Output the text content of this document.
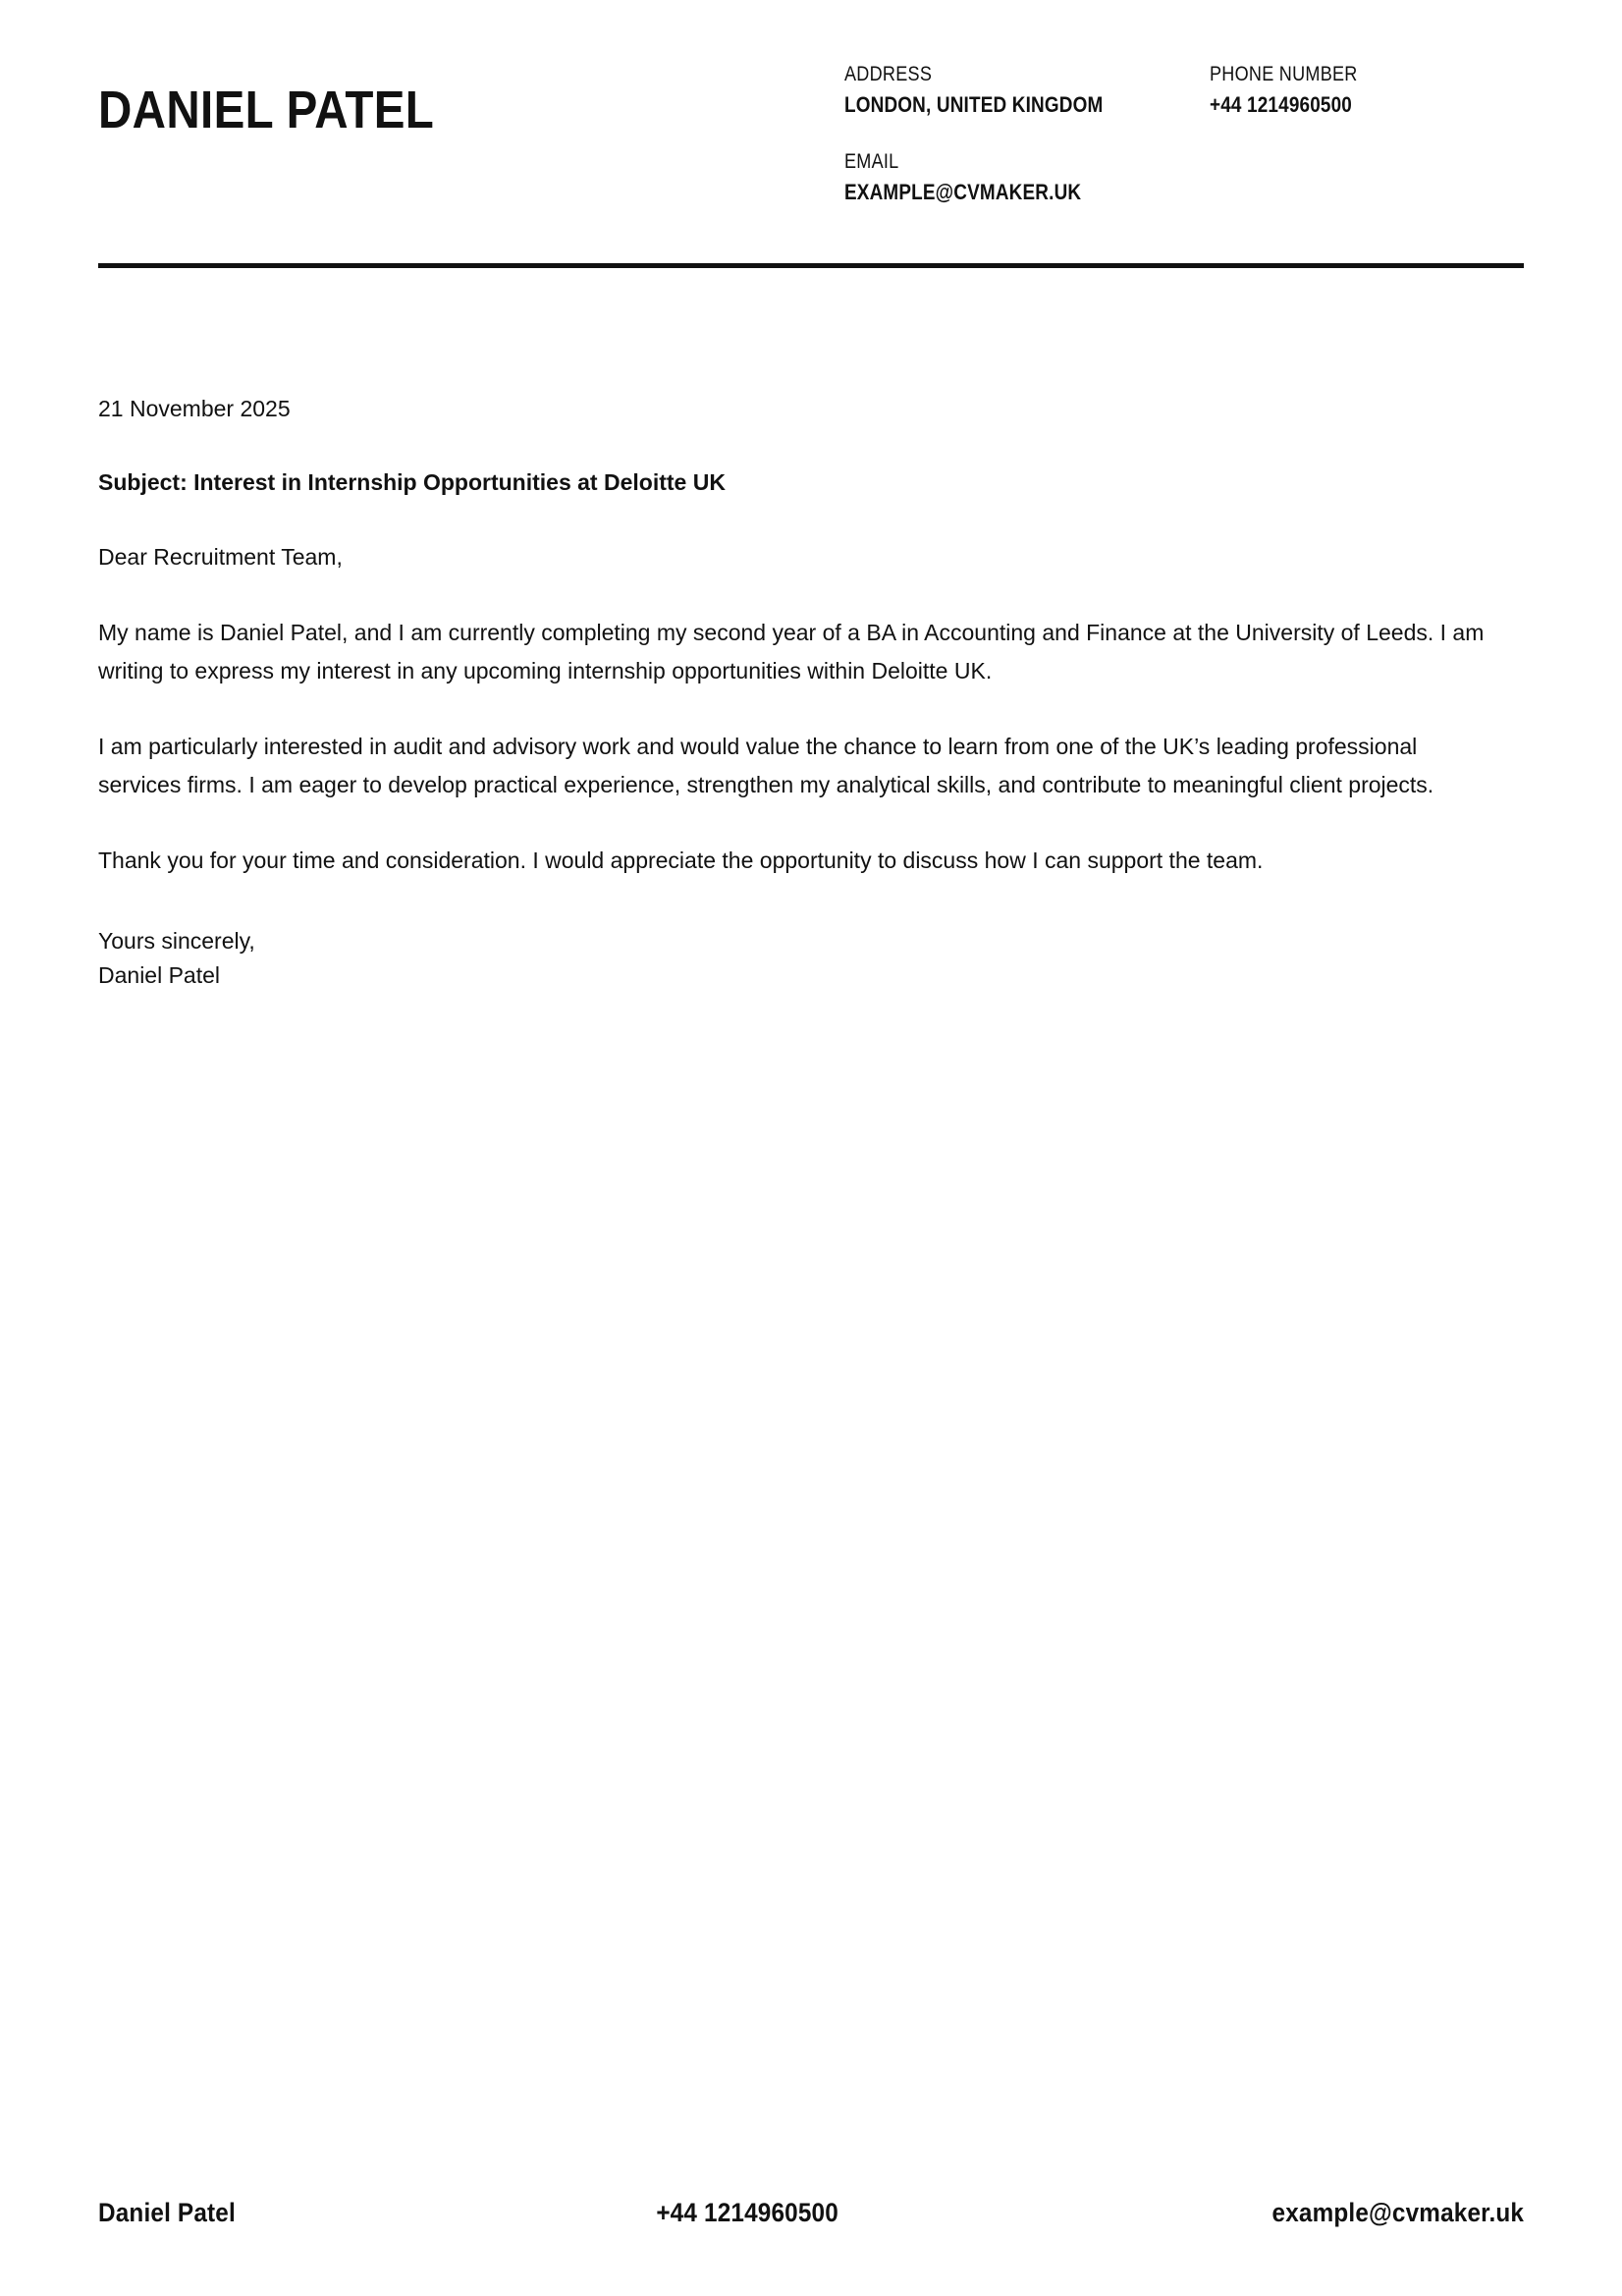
DANIEL PATEL
ADDRESS
LONDON, UNITED KINGDOM
PHONE NUMBER
+44 1214960500
EMAIL
EXAMPLE@CVMAKER.UK
21 November 2025
Subject: Interest in Internship Opportunities at Deloitte UK
Dear Recruitment Team,

My name is Daniel Patel, and I am currently completing my second year of a BA in Accounting and Finance at the University of Leeds. I am writing to express my interest in any upcoming internship opportunities within Deloitte UK.

I am particularly interested in audit and advisory work and would value the chance to learn from one of the UK’s leading professional services firms. I am eager to develop practical experience, strengthen my analytical skills, and contribute to meaningful client projects.

Thank you for your time and consideration. I would appreciate the opportunity to discuss how I can support the team.

Yours sincerely,
Daniel Patel
Daniel Patel	+44 1214960500	example@cvmaker.uk
